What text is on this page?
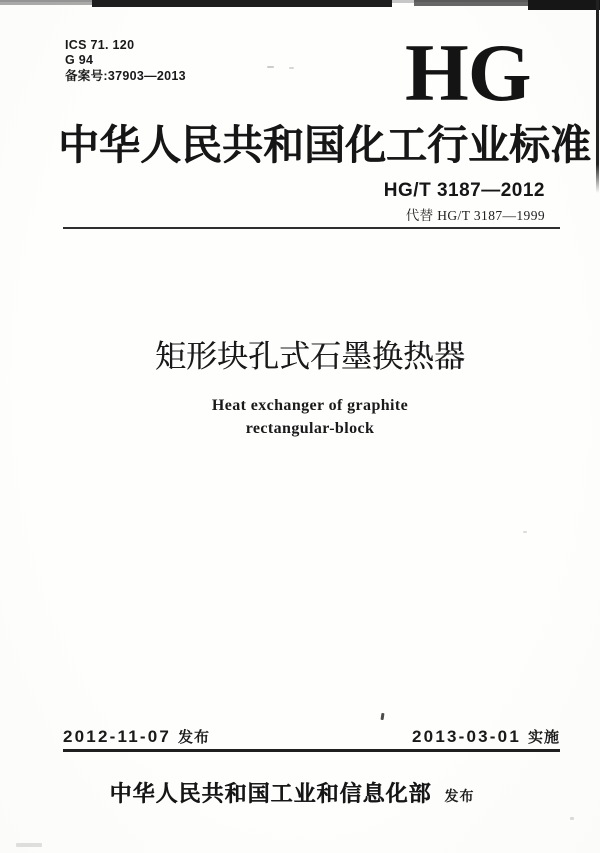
ICS 71. 120
G 94
备案号:37903—2013	HG
中华人民共和国化工行业标准
HG/T 3187—2012
代替 HG/T 3187—1999
矩形块孔式石墨换热器
Heat exchanger of graphite
rectangular-block
2012-11-07 发布	2013-03-01 实施
中华人民共和国工业和信息化部 发布
